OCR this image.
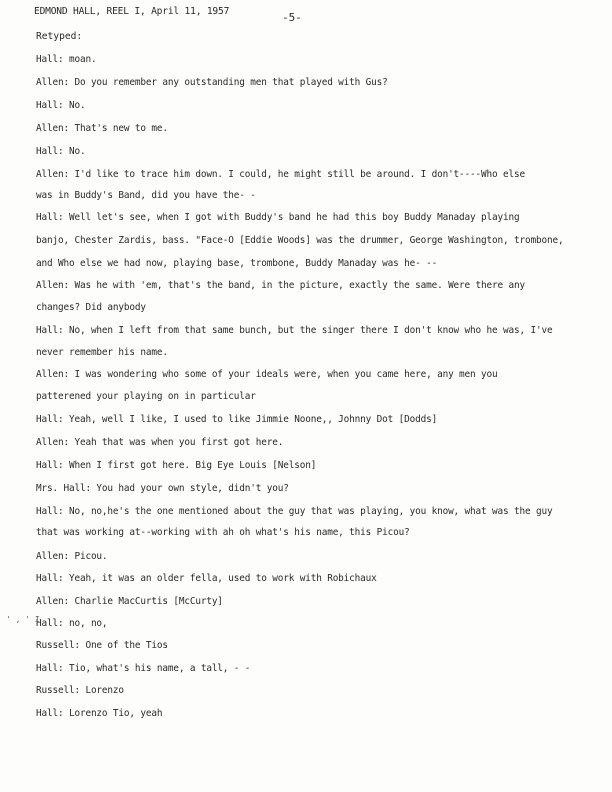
EDMOND HALL, REEL I, April 11, 1957	-5-
Retyped:
Hall: moan.
Allen: Do you remember any outstanding men that played with Gus?
Hall: No.
Allen: That's new to me.
Hall: No.
Allen: I'd like to trace him down. I could, he might still be around. I don't----Who else
was in Buddy's Band, did you have the- -
Hall: Well let's see, when I got with Buddy's band he had this boy Buddy Manaday playing
banjo, Chester Zardis, bass. "Face-O [Eddie Woods] was the drummer, George Washington, trombone,
and Who else we had now, playing base, trombone, Buddy Manaday was he- --
Allen: Was he with 'em, that's the band, in the picture, exactly the same. Were there any
changes? Did anybody
Hall: No, when I left from that same bunch, but the singer there I don't know who he was, I've
never remember his name.
Allen: I was wondering who some of your ideals were, when you came here, any men you
patterened your playing on in particular
Hall: Yeah, well I like, I used to like Jimmie Noone,, Johnny Dot [Dodds]
Allen: Yeah that was when you first got here.
Hall: When I first got here. Big Eye Louis [Nelson]
Mrs. Hall: You had your own style, didn't you?
Hall: No, no,he's the one mentioned about the guy that was playing, you know, what was the guy
that was working at--working with ah oh what's his name, this Picou?
Allen: Picou.
Hall: Yeah, it was an older fella, used to work with Robichaux
Allen: Charlie MacCurtis [McCurty]
Hall: no, no,
Russell: One of the Tios
Hall: Tio, what's his name, a tall, - -
Russell: Lorenzo
Hall: Lorenzo Tio, yeah
' , ' I
